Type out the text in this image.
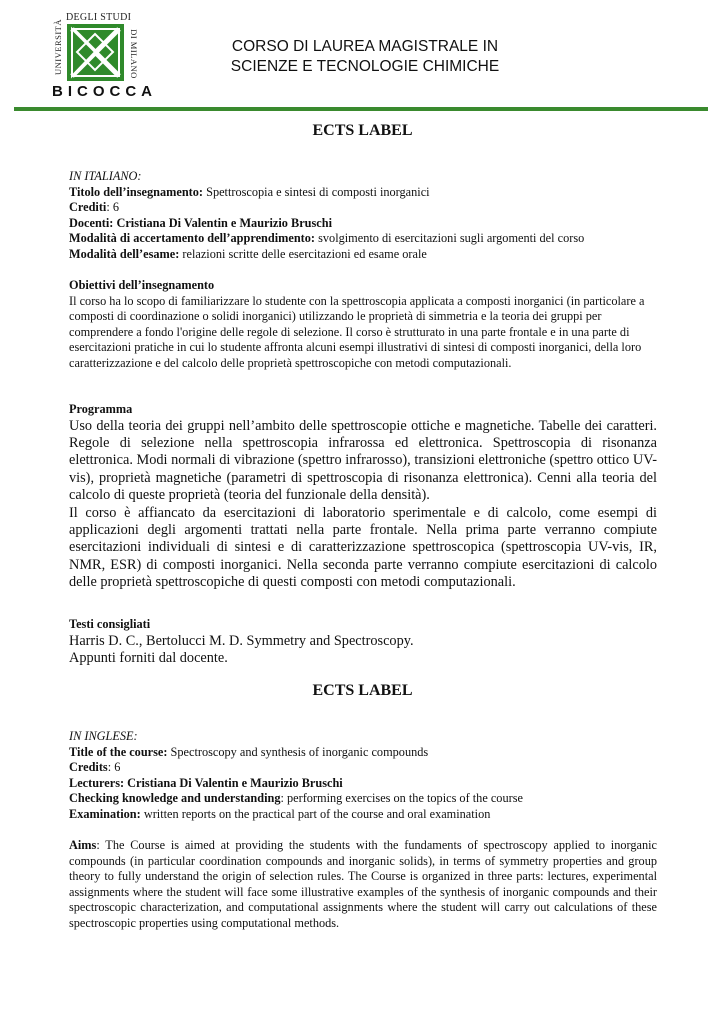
UNIVERSITÀ
DEGLI STUDI
DI MILANO
BICOCCA
CORSO DI LAUREA MAGISTRALE IN
SCIENZE E TECNOLOGIE CHIMICHE
ECTS LABEL

IN ITALIANO:

Titolo dell’insegnamento: Spettroscopia e sintesi di composti inorganici

Crediti: 6

Docenti: Cristiana Di Valentin e Maurizio Bruschi

Modalità di accertamento dell’apprendimento: svolgimento di esercitazioni sugli argomenti del corso

Modalità dell’esame: relazioni scritte delle esercitazioni ed esame orale

Obiettivi dell’insegnamento

Il corso ha lo scopo di familiarizzare lo studente con la spettroscopia applicata a composti inorganici (in particolare a composti di coordinazione o solidi inorganici) utilizzando le proprietà di simmetria e la teoria dei gruppi per comprendere a fondo l'origine delle regole di selezione. Il corso è strutturato in una parte frontale e in una parte di esercitazioni pratiche in cui lo studente affronta alcuni esempi illustrativi di sintesi di composti inorganici, della loro caratterizzazione e del calcolo delle proprietà spettroscopiche con metodi computazionali.

Programma

Uso della teoria dei gruppi nell’ambito delle spettroscopie ottiche e magnetiche. Tabelle dei caratteri. Regole di selezione nella spettroscopia infrarossa ed elettronica. Spettroscopia di risonanza elettronica. Modi normali di vibrazione (spettro infrarosso), transizioni elettroniche (spettro ottico UV-vis), proprietà magnetiche (parametri di spettroscopia di risonanza elettronica). Cenni alla teoria del calcolo di queste proprietà (teoria del funzionale della densità).

Il corso è affiancato da esercitazioni di laboratorio sperimentale e di calcolo, come esempi di applicazioni degli argomenti trattati nella parte frontale. Nella prima parte verranno compiute esercitazioni individuali di sintesi e di caratterizzazione spettroscopica (spettroscopia UV-vis, IR, NMR, ESR) di composti inorganici. Nella seconda parte verranno compiute esercitazioni di calcolo delle proprietà spettroscopiche di questi composti con metodi computazionali.

Testi consigliati

Harris D. C., Bertolucci M. D. Symmetry and Spectroscopy.

Appunti forniti dal docente.

ECTS LABEL

IN INGLESE:

Title of the course: Spectroscopy and synthesis of inorganic compounds

Credits: 6

Lecturers: Cristiana Di Valentin e Maurizio Bruschi

Checking knowledge and understanding: performing exercises on the topics of the course

Examination: written reports on the practical part of the course and oral examination

Aims: The Course is aimed at providing the students with the fundaments of spectroscopy applied to inorganic compounds (in particular coordination compounds and inorganic solids), in terms of symmetry properties and group theory to fully understand the origin of selection rules. The Course is organized in three parts: lectures, experimental assignments where the student will face some illustrative examples of the synthesis of inorganic compounds and their spectroscopic characterization, and computational assignments where the student will carry out calculations of these spectroscopic properties using computational methods.
